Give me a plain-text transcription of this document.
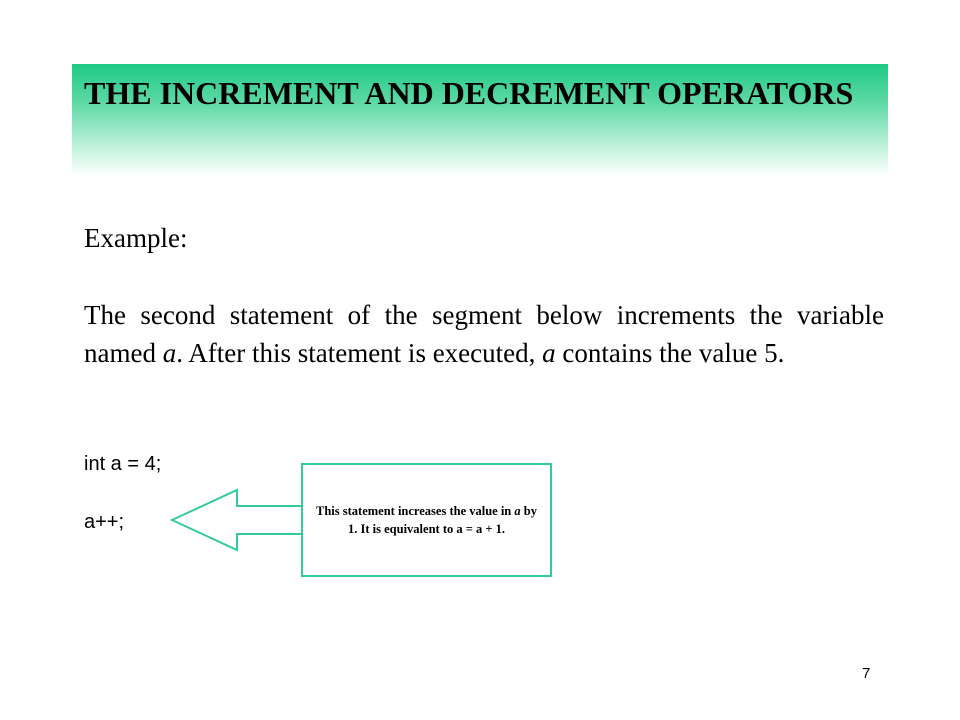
THE INCREMENT AND DECREMENT OPERATORS

Example:

The second statement of the segment below increments the variable named a. After this statement is executed, a contains the value 5.

int a = 4;

a++;	This statement increases the value in a by 1. It is equivalent to a = a + 1.

7
